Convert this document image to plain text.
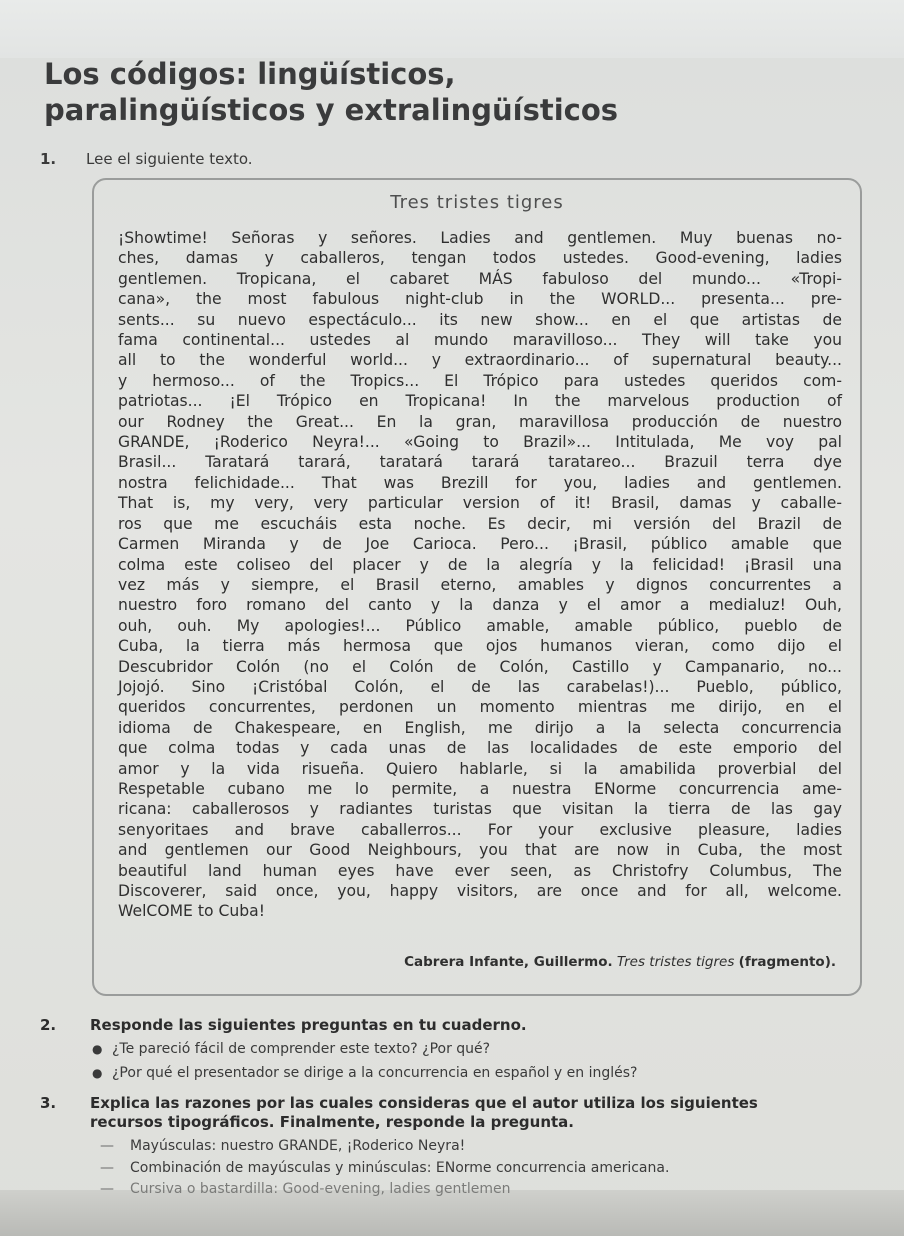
Los códigos: lingüísticos,
paralingüísticos y extralingüísticos
1. Lee el siguiente texto.
Tres tristes tigres
¡Showtime! Señoras y señores. Ladies and gentlemen. Muy buenas no-
ches, damas y caballeros, tengan todos ustedes. Good-evening, ladies
gentlemen. Tropicana, el cabaret MÁS fabuloso del mundo... «Tropi-
cana», the most fabulous night-club in the WORLD... presenta... pre-
sents... su nuevo espectáculo... its new show... en el que artistas de
fama continental... ustedes al mundo maravilloso... They will take you
all to the wonderful world... y extraordinario... of supernatural beauty...
y hermoso... of the Tropics... El Trópico para ustedes queridos com-
patriotas... ¡El Trópico en Tropicana! In the marvelous production of
our Rodney the Great... En la gran, maravillosa producción de nuestro
GRANDE, ¡Roderico Neyra!... «Going to Brazil»... Intitulada, Me voy pal
Brasil... Taratará tarará, taratará tarará taratareo... Brazuil terra dye
nostra felichidade... That was Brezill for you, ladies and gentlemen.
That is, my very, very particular version of it! Brasil, damas y caballe-
ros que me escucháis esta noche. Es decir, mi versión del Brazil de
Carmen Miranda y de Joe Carioca. Pero... ¡Brasil, público amable que
colma este coliseo del placer y de la alegría y la felicidad! ¡Brasil una
vez más y siempre, el Brasil eterno, amables y dignos concurrentes a
nuestro foro romano del canto y la danza y el amor a medialuz! Ouh,
ouh, ouh. My apologies!... Público amable, amable público, pueblo de
Cuba, la tierra más hermosa que ojos humanos vieran, como dijo el
Descubridor Colón (no el Colón de Colón, Castillo y Campanario, no...
Jojojó. Sino ¡Cristóbal Colón, el de las carabelas!)... Pueblo, público,
queridos concurrentes, perdonen un momento mientras me dirijo, en el
idioma de Chakespeare, en English, me dirijo a la selecta concurrencia
que colma todas y cada unas de las localidades de este emporio del
amor y la vida risueña. Quiero hablarle, si la amabilida proverbial del
Respetable cubano me lo permite, a nuestra ENorme concurrencia ame-
ricana: caballerosos y radiantes turistas que visitan la tierra de las gay
senyoritaes and brave caballerros... For your exclusive pleasure, ladies
and gentlemen our Good Neighbours, you that are now in Cuba, the most
beautiful land human eyes have ever seen, as Christofry Columbus, The
Discoverer, said once, you, happy visitors, are once and for all, welcome.
WelCOME to Cuba!
Cabrera Infante, Guillermo. Tres tristes tigres (fragmento).
2. Responde las siguientes preguntas en tu cuaderno.
● ¿Te pareció fácil de comprender este texto? ¿Por qué?
● ¿Por qué el presentador se dirige a la concurrencia en español y en inglés?
3. Explica las razones por las cuales consideras que el autor utiliza los siguientes
recursos tipográficos. Finalmente, responde la pregunta.
— Mayúsculas: nuestro GRANDE, ¡Roderico Neyra!
— Combinación de mayúsculas y minúsculas: ENorme concurrencia americana.
— Cursiva o bastardilla: Good-evening, ladies gentlemen
